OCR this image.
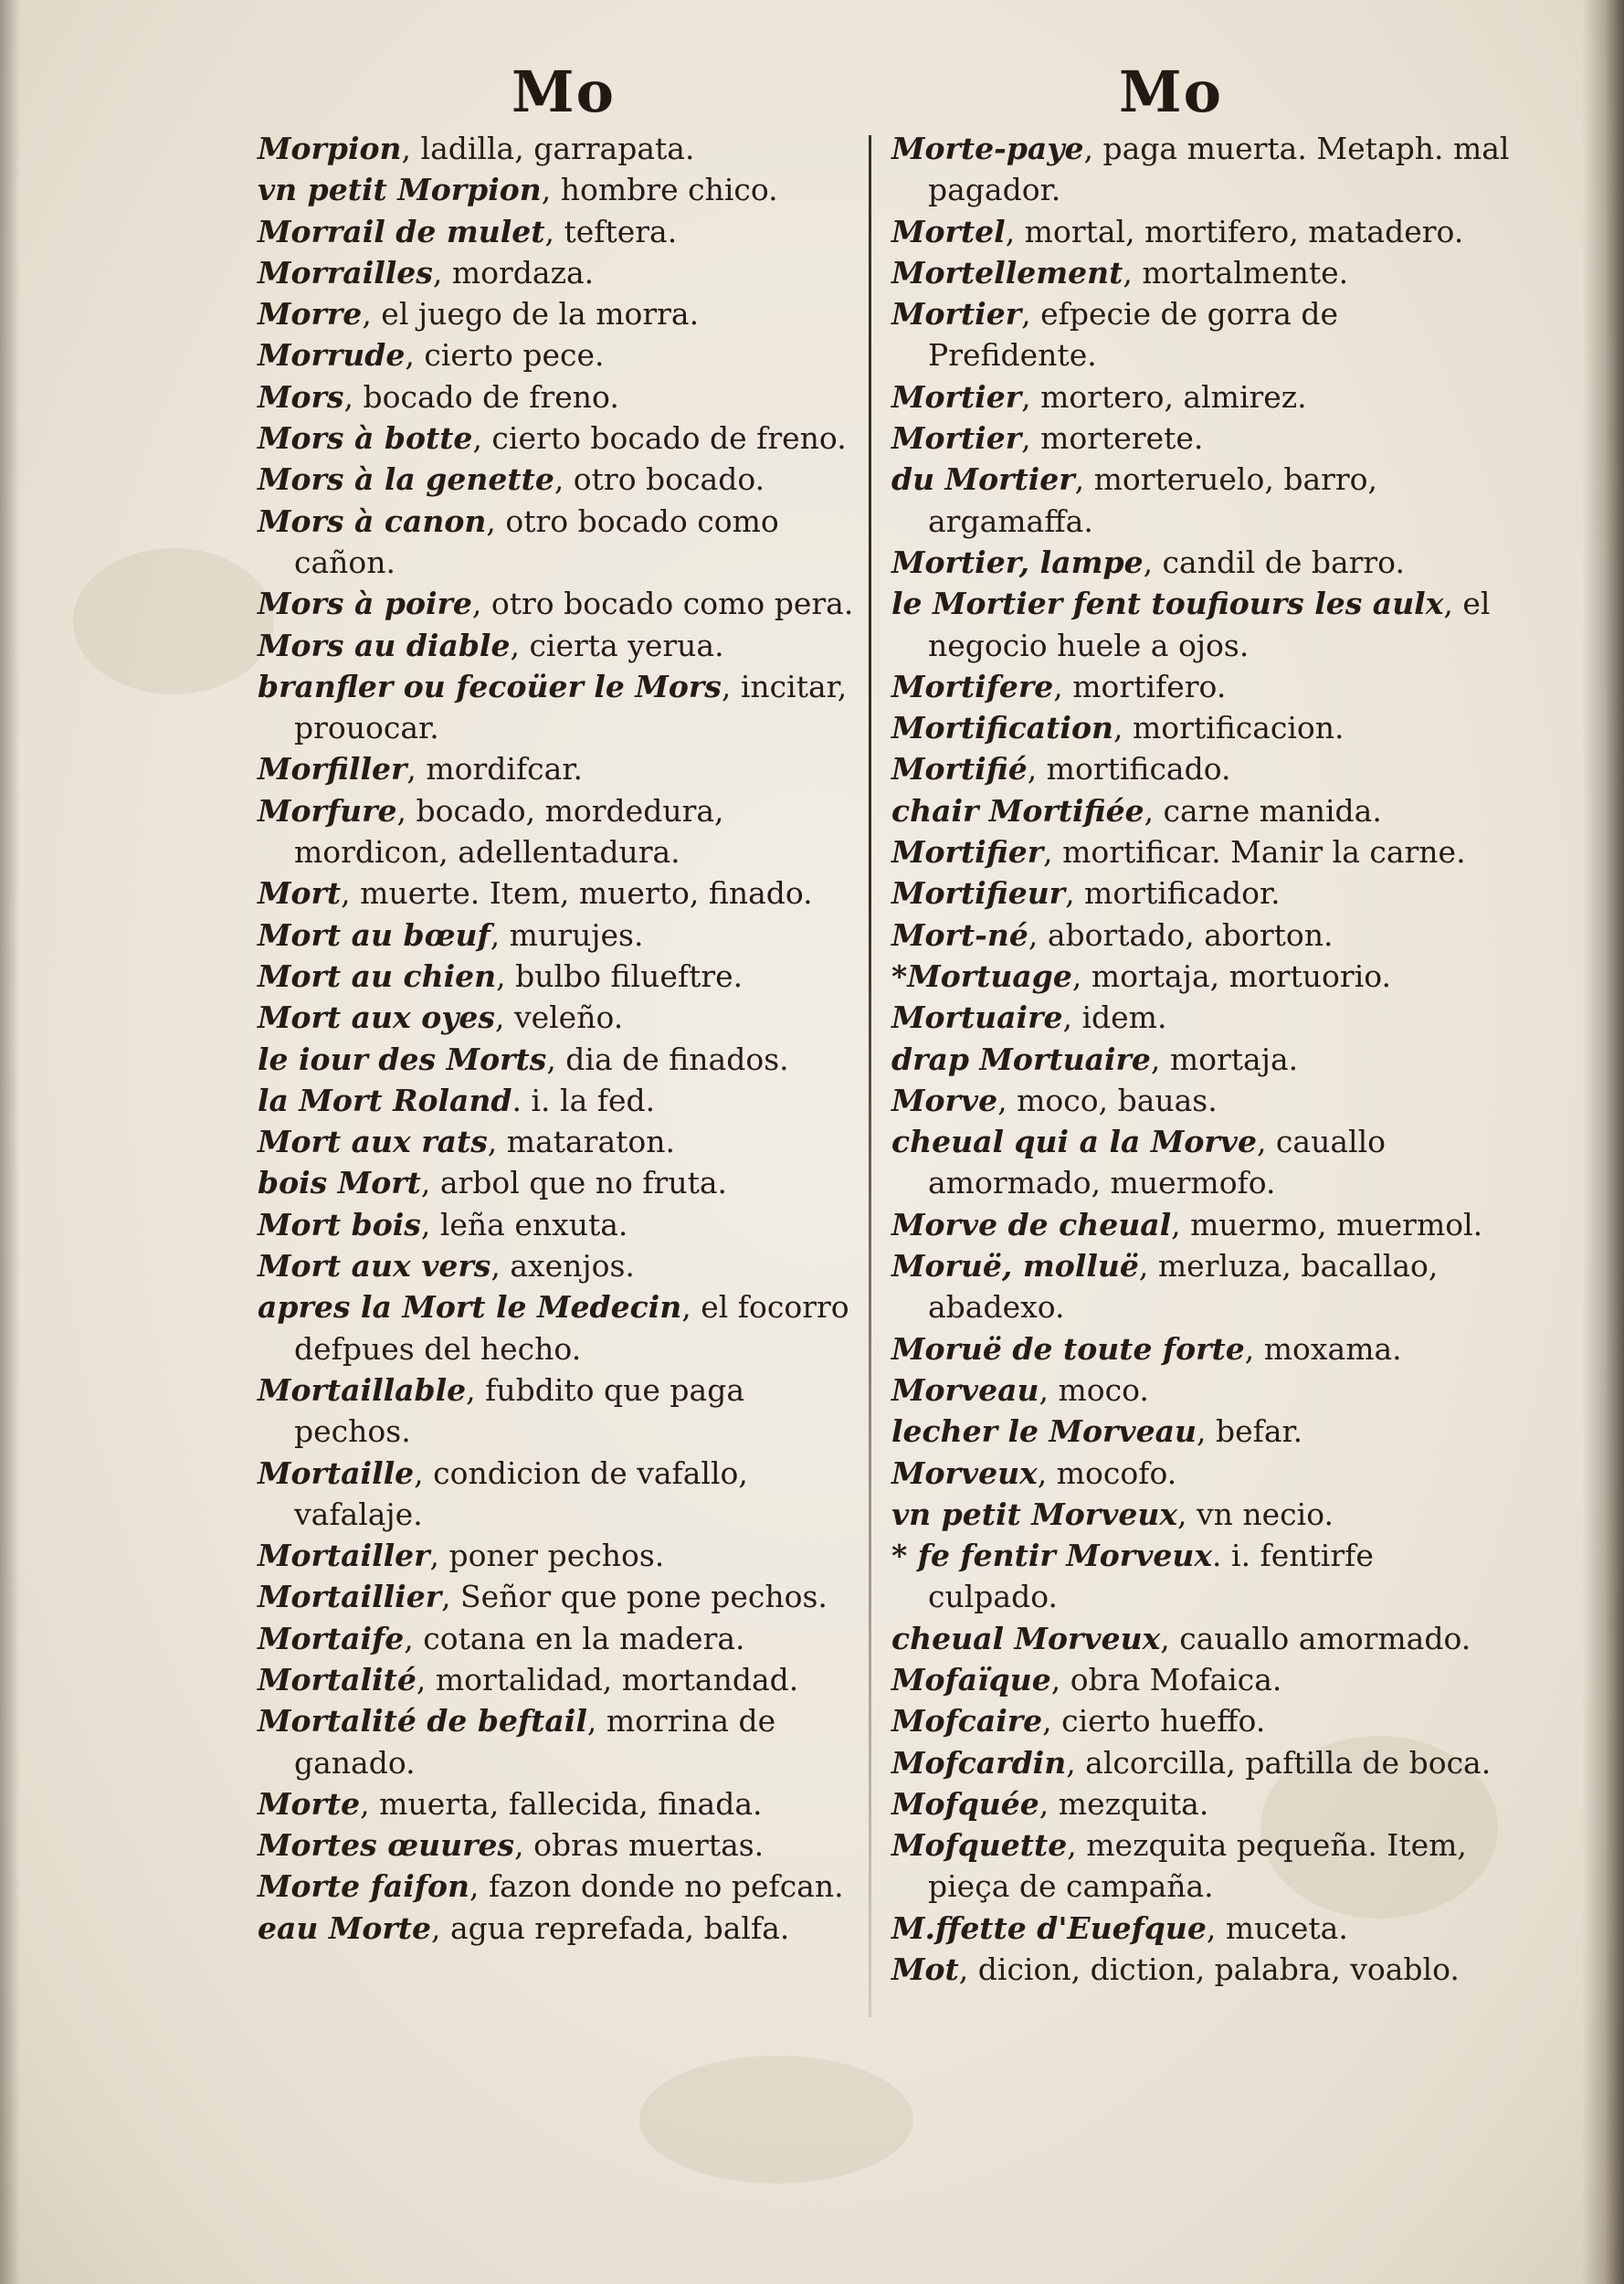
Mo	Mo

Morpion, ladilla, garrapata.

vn petit Morpion, hombre chico.

Morrail de mulet, teftera.

Morrailles, mordaza.

Morre, el juego de la morra.

Morrude, cierto pece.

Mors, bocado de freno.

Mors à botte, cierto bocado de freno.

Mors à la genette, otro bocado.

Mors à canon, otro bocado como cañon.

Mors à poire, otro bocado como pera.

Mors au diable, cierta yerua.

branfler ou fecoüer le Mors, incitar, prouocar.

Morfiller, mordifcar.

Morfure, bocado, mordedura, mordicon, adellentadura.

Mort, muerte. Item, muerto, finado.

Mort au bœuf, murujes.

Mort au chien, bulbo filueftre.

Mort aux oyes, veleño.

le iour des Morts, dia de finados.

la Mort Roland. i. la fed.

Mort aux rats, mataraton.

bois Mort, arbol que no fruta.

Mort bois, leña enxuta.

Mort aux vers, axenjos.

apres la Mort le Medecin, el focorro defpues del hecho.

Mortaillable, fubdito que paga pechos.

Mortaille, condicion de vafallo, vafalaje.

Mortailler, poner pechos.

Mortaillier, Señor que pone pechos.

Mortaife, cotana en la madera.

Mortalité, mortalidad, mortandad.

Mortalité de beftail, morrina de ganado.

Morte, muerta, fallecida, finada.

Mortes œuures, obras muertas.

Morte faifon, fazon donde no pefcan.

eau Morte, agua reprefada, balfa.

Morte-paye, paga muerta. Metaph. mal pagador.

Mortel, mortal, mortifero, matadero.

Mortellement, mortalmente.

Mortier, efpecie de gorra de Prefidente.

Mortier, mortero, almirez.

Mortier, morterete.

du Mortier, morteruelo, barro, argamaffa.

Mortier, lampe, candil de barro.

le Mortier fent toufiours les aulx, el negocio huele a ojos.

Mortifere, mortifero.

Mortification, mortificacion.

Mortifié, mortificado.

chair Mortifiée, carne manida.

Mortifier, mortificar. Manir la carne.

Mortifieur, mortificador.

Mort-né, abortado, aborton.

*Mortuage, mortaja, mortuorio.

Mortuaire, idem.

drap Mortuaire, mortaja.

Morve, moco, bauas.

cheual qui a la Morve, cauallo amormado, muermofo.

Morve de cheual, muermo, muermol.

Moruë, molluë, merluza, bacallao, abadexo.

Moruë de toute forte, moxama.

Morveau, moco.

lecher le Morveau, befar.

Morveux, mocofo.

vn petit Morveux, vn necio.

* fe fentir Morveux. i. fentirfe culpado.

cheual Morveux, cauallo amormado.

Mofaïque, obra Mofaica.

Mofcaire, cierto hueffo.

Mofcardin, alcorcilla, paftilla de boca.

Mofquée, mezquita.

Mofquette, mezquita pequeña. Item, pieça de campaña.

M.ffette d'Euefque, muceta.

Mot, dicion, diction, palabra, voablo.
